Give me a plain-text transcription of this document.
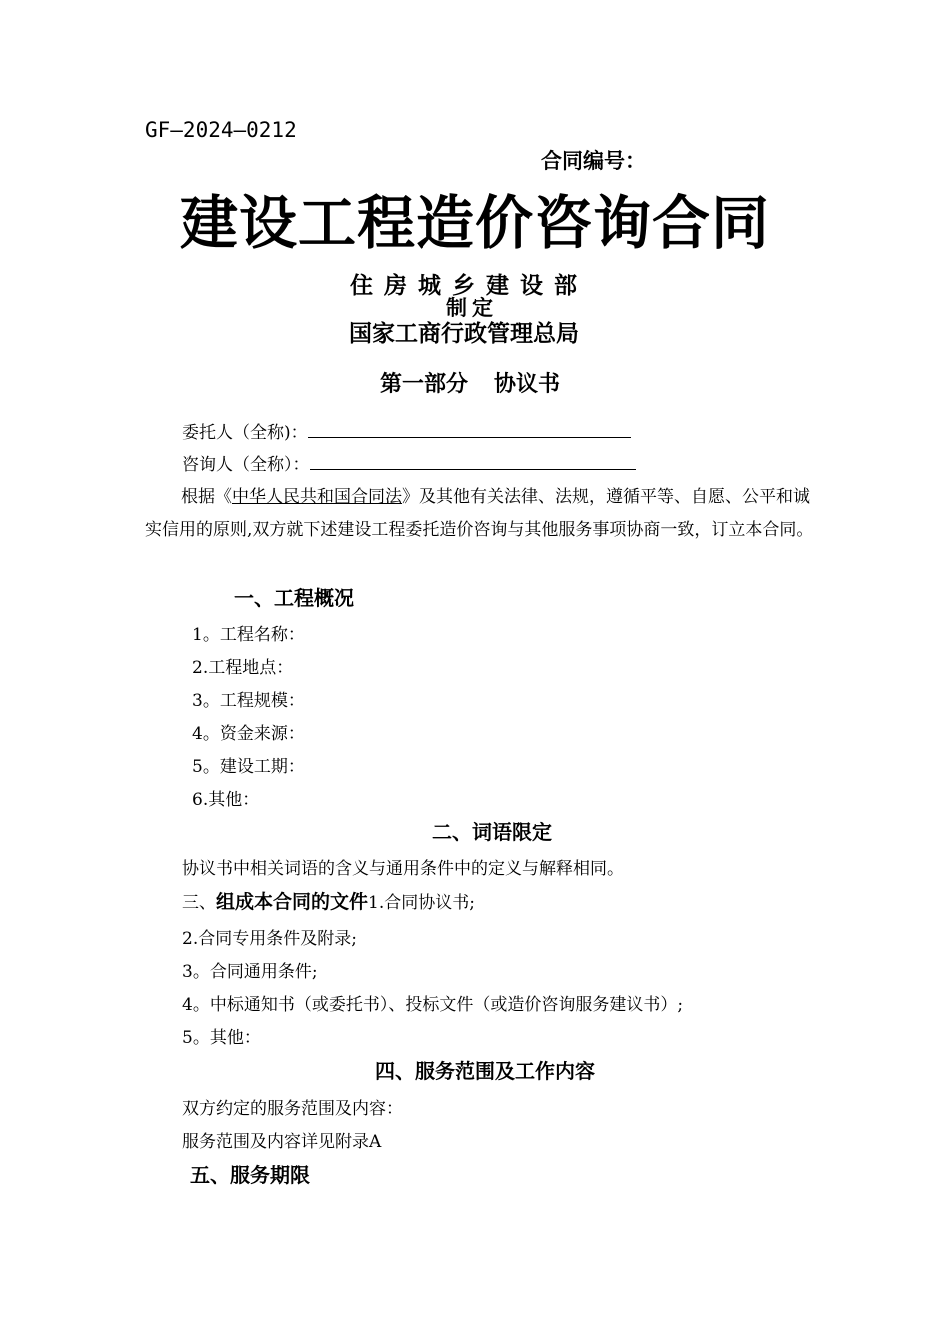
GF—2024—0212
合同编号：
建设工程造价咨询合同
住房城乡建设部
制定
国家工商行政管理总局
第一部分 协议书
委托人（全称)：
咨询人（全称）：
根据《中华人民共和国合同法》及其他有关法律、法规，遵循平等、自愿、公平和诚实信用的原则,双方就下述建设工程委托造价咨询与其他服务事项协商一致，订立本合同。
一、工程概况
1。工程名称：
2.工程地点：
3。工程规模：
4。资金来源：
5。建设工期：
6.其他：
二、词语限定
协议书中相关词语的含义与通用条件中的定义与解释相同。
三、组成本合同的文件1.合同协议书;
2.合同专用条件及附录;
3。合同通用条件;
4。中标通知书（或委托书）、投标文件（或造价咨询服务建议书）;
5。其他：
四、服务范围及工作内容
双方约定的服务范围及内容：
服务范围及内容详见附录A
五、服务期限
